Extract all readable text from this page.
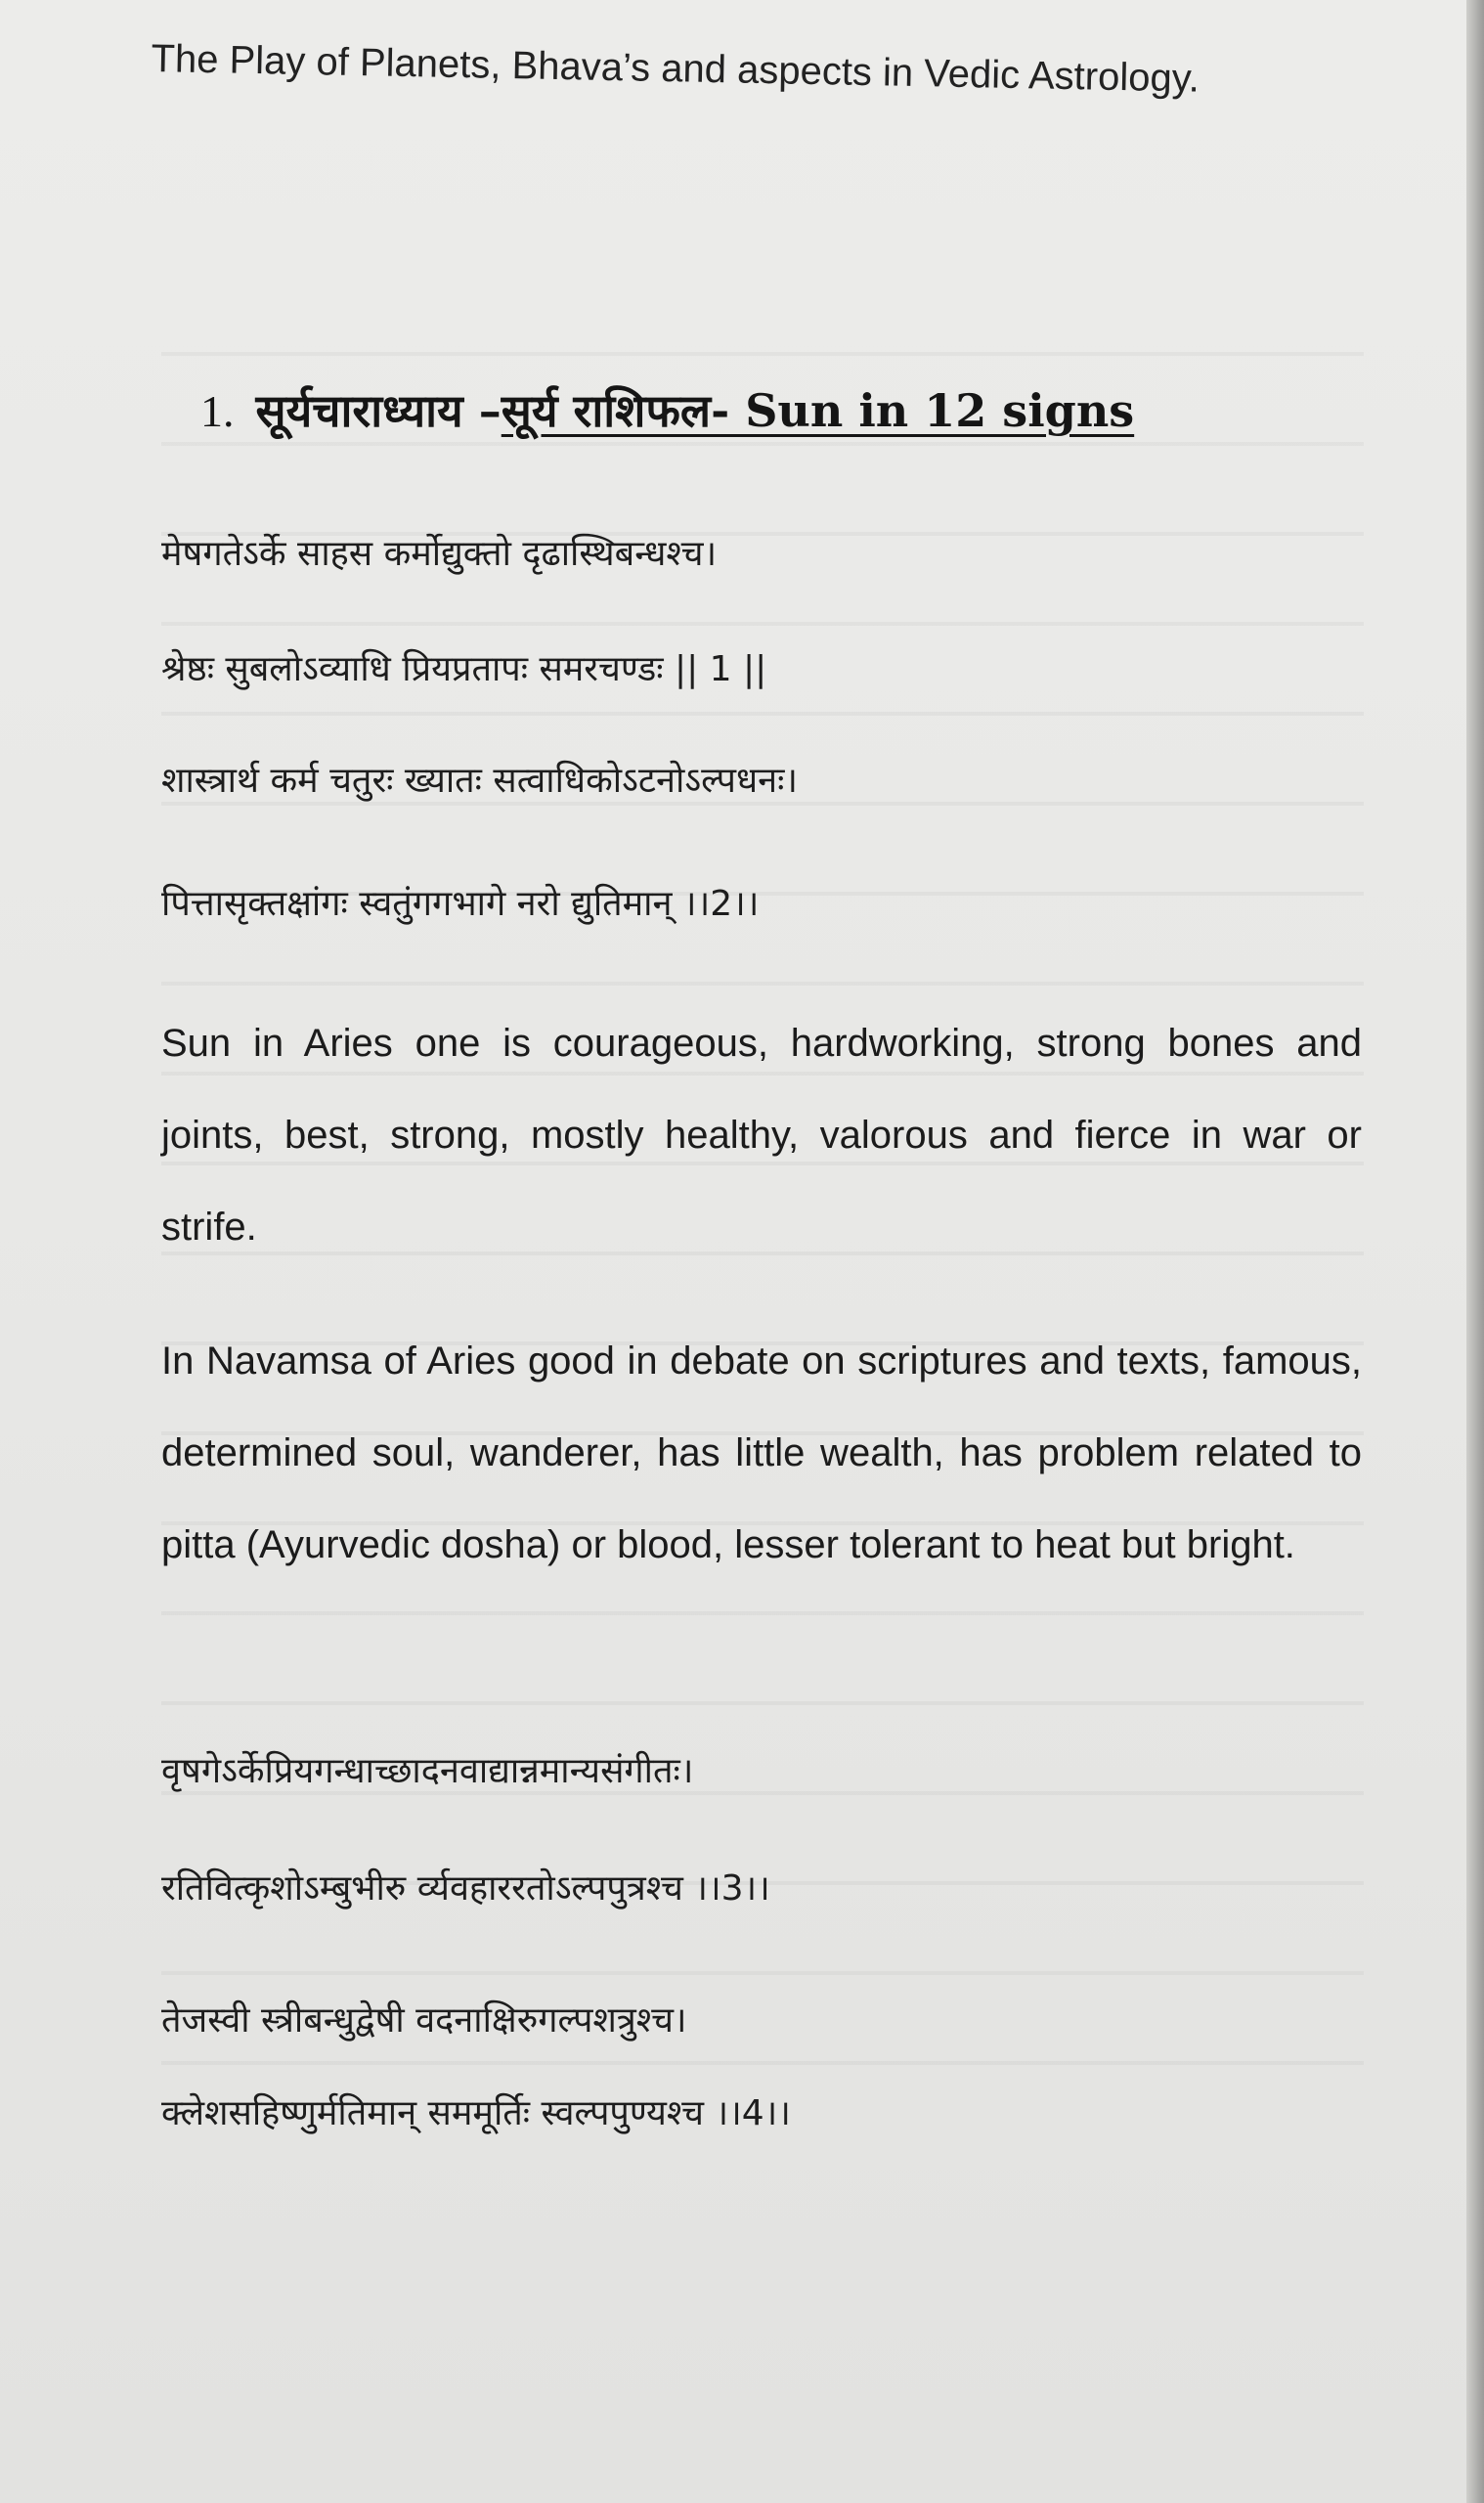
The Play of Planets, Bhava’s and aspects in Vedic Astrology.
1. सूर्यचाराध्याय –सूर्य राशिफल- Sun in 12 signs
मेषगतेऽर्के साहस कर्मोद्युक्तो दृढास्थिबन्धश्च।
श्रेष्ठः सुबलोऽव्याधि प्रियप्रतापः समरचण्डः || 1 ||
शास्त्रार्थ कर्म चतुरः ख्यातः सत्वाधिकोऽटनोऽल्पधनः।
पित्तासृक्तक्षांगः स्वतुंगगभागे नरो द्युतिमान् ।।2।।
Sun in Aries one is courageous, hardworking, strong bones and joints, best, strong, mostly healthy, valorous and fierce in war or strife.
In Navamsa of Aries good in debate on scriptures and texts, famous, determined soul, wanderer, has little wealth, has problem related to pitta (Ayurvedic dosha) or blood, lesser tolerant to heat but bright.
वृषगेऽर्केप्रियगन्धाच्छादनवाद्यान्नमान्यसंगीतः।
रतिवित्कृशोऽम्बुभीरु र्व्यवहाररतोऽल्पपुत्रश्च ।।3।।
तेजस्वी स्त्रीबन्धुद्वेषी वदनाक्षिरुगल्पशत्रुश्च।
क्लेशसहिष्णुर्मतिमान् सममूर्तिः स्वल्पपुण्यश्च ।।4।।
